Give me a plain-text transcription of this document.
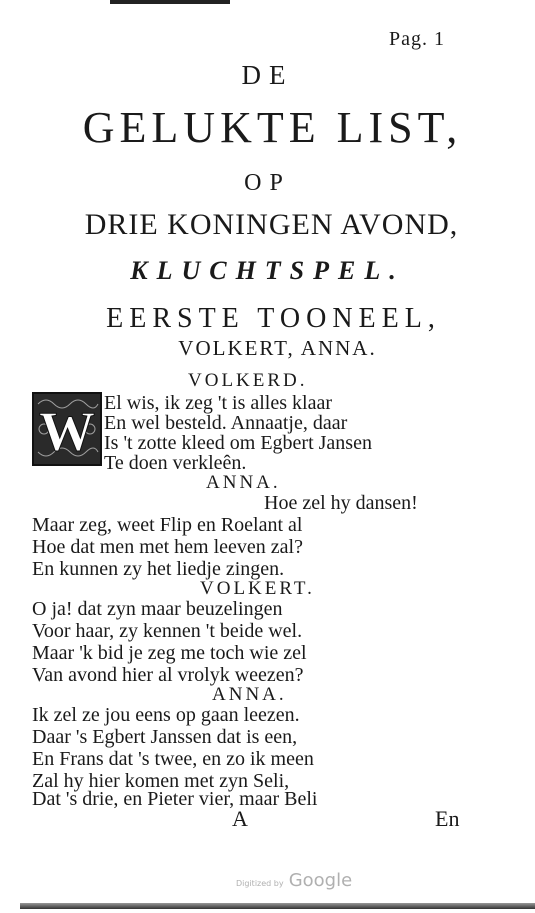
Pag. 1
DE
GELUKTE LIST,
OP
DRIE KONINGEN AVOND,
KLUCHTSPEL.
EERSTE TOONEEL,
VOLKERT, ANNA.
VOLKERD.
W El wis, ik zeg 't is alles klaar
En wel besteld. Annaatje, daar
Is 't zotte kleed om Egbert Jansen
Te doen verkleên.
ANNA.
Hoe zel hy dansen!
Maar zeg, weet Flip en Roelant al
Hoe dat men met hem leeven zal?
En kunnen zy het liedje zingen.
VOLKERT.
O ja! dat zyn maar beuzelingen
Voor haar, zy kennen 't beide wel.
Maar 'k bid je zeg me toch wie zel
Van avond hier al vrolyk weezen?
ANNA.
Ik zel ze jou eens op gaan leezen.
Daar 's Egbert Janssen dat is een,
En Frans dat 's twee, en zo ik meen
Zal hy hier komen met zyn Seli,
Dat 's drie, en Pieter vier, maar Beli
A	En
Digitized by Google
